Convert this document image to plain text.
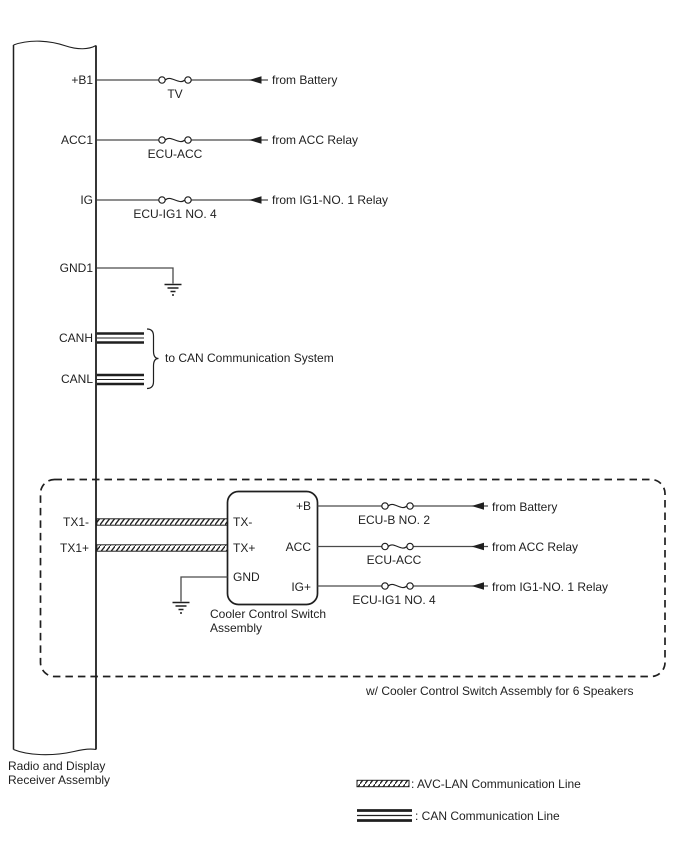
+B1
ACC1
IG
GND1
CANH
CANL
TX1-
TX1+
TV
ECU-ACC
ECU-IG1 NO. 4
from Battery
from ACC Relay
from IG1-NO. 1 Relay
to CAN Communication System
TX-
TX+
GND
+B
ACC
IG+
Cooler Control Switch
Assembly
ECU-B NO. 2
ECU-ACC
ECU-IG1 NO. 4
from Battery
from ACC Relay
from IG1-NO. 1 Relay
w/ Cooler Control Switch Assembly for 6 Speakers
Radio and Display
Receiver Assembly	: AVC-LAN Communication Line
: CAN Communication Line
